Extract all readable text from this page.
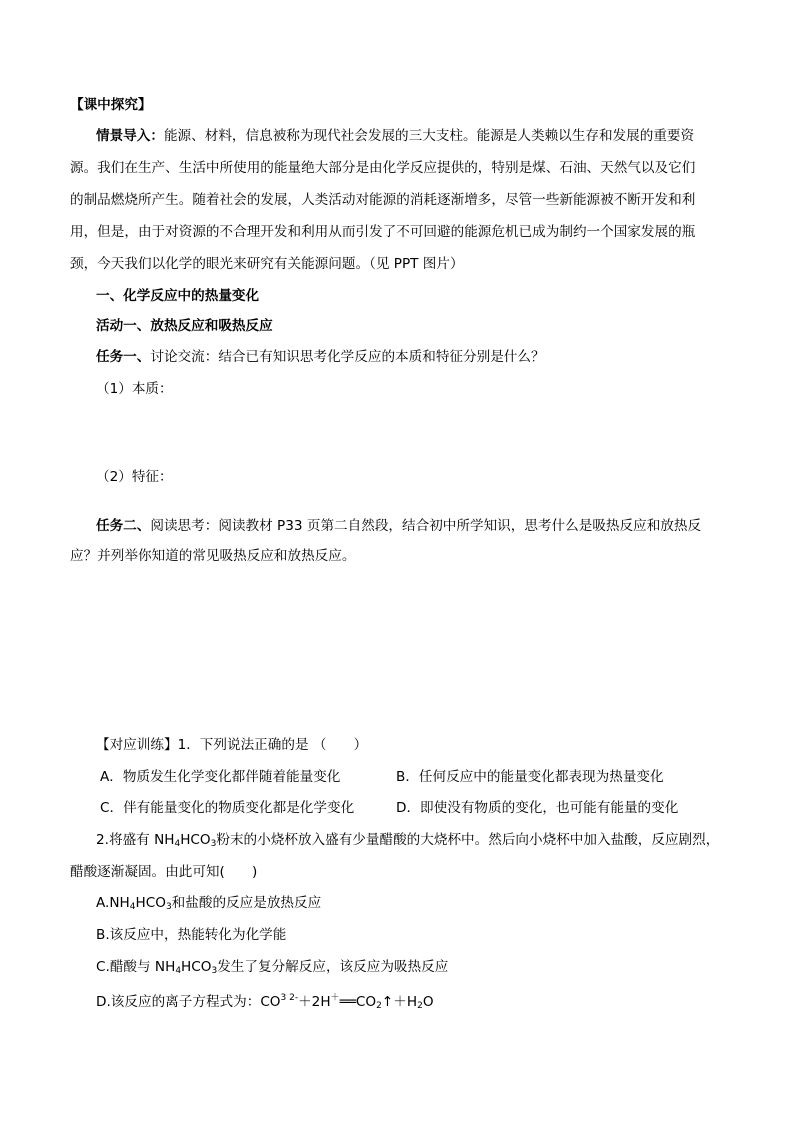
【课中探究】
情景导入：能源、材料，信息被称为现代社会发展的三大支柱。能源是人类赖以生存和发展的重要资
源。我们在生产、生活中所使用的能量绝大部分是由化学反应提供的，特别是煤、石油、天然气以及它们
的制品燃烧所产生。随着社会的发展，人类活动对能源的消耗逐渐增多，尽管一些新能源被不断开发和利
用，但是，由于对资源的不合理开发和利用从而引发了不可回避的能源危机已成为制约一个国家发展的瓶
颈，今天我们以化学的眼光来研究有关能源问题。（见 PPT 图片）
一、化学反应中的热量变化
活动一、放热反应和吸热反应
任务一、讨论交流：结合已有知识思考化学反应的本质和特征分别是什么？
（1）本质：
（2）特征：
任务二、阅读思考：阅读教材 P33 页第二自然段，结合初中所学知识，思考什么是吸热反应和放热反
应？并列举你知道的常见吸热反应和放热反应。
【对应训练】1．下列说法正确的是 （　　）
A．物质发生化学变化都伴随着能量变化	B．任何反应中的能量变化都表现为热量变化
C．伴有能量变化的物质变化都是化学变化	D．即使没有物质的变化，也可能有能量的变化
2.将盛有 $NH_4HCO_3$粉末的小烧杯放入盛有少量醋酸的大烧杯中。然后向小烧杯中加入盐酸，反应剧烈，
醋酸逐渐凝固。由此可知(　　)
$A.NH_4HCO_3$和盐酸的反应是放热反应
B.该反应中，热能转化为化学能
C.醋酸与 $NH_4HCO_3$发生了复分解反应，该反应为吸热反应
D.该反应的离子方程式为：$CO^{3 2-}+2H^+══CO_2↑+H_2O$
